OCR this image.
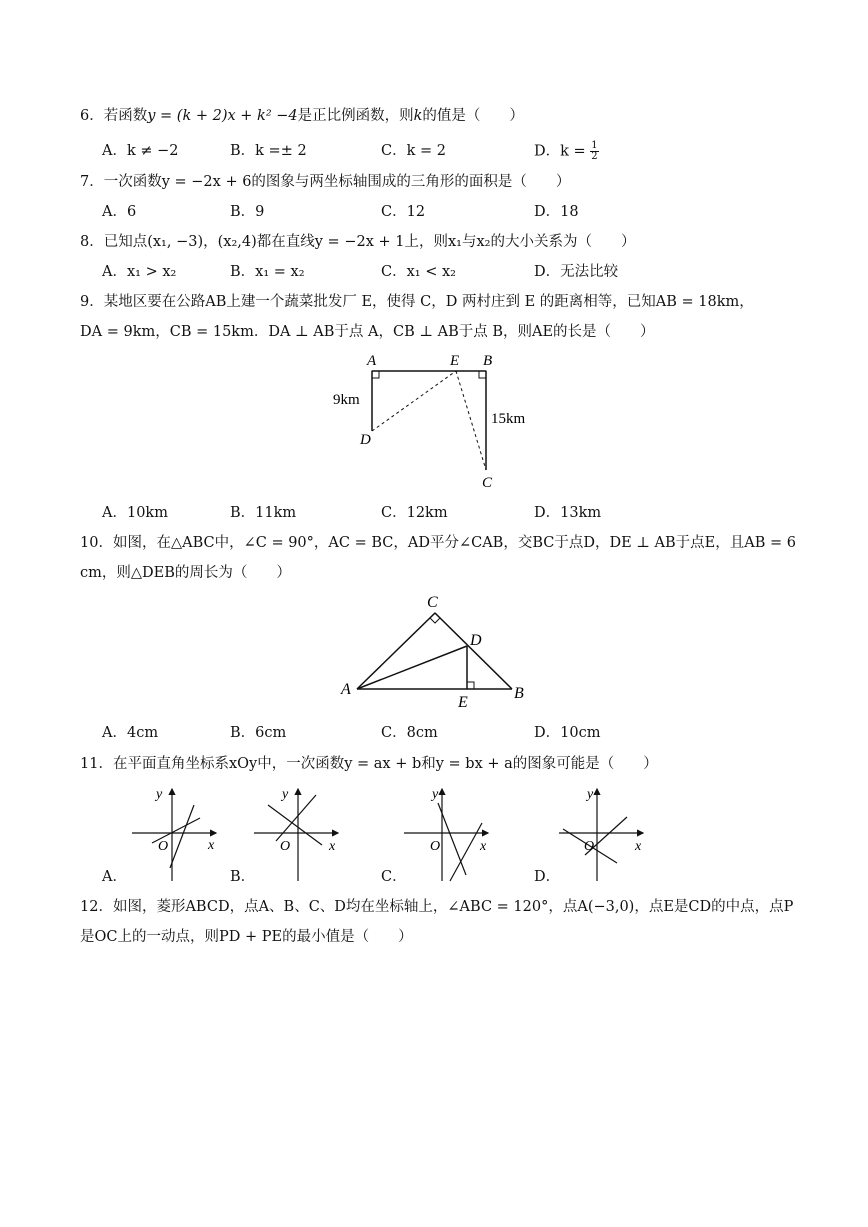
6．若函数y = (k + 2)x + k² −4是正比例函数，则k的值是（　　）
A．k ≠ −2	B．k =± 2	C．k = 2	D．$k = \frac{1}{2}$
7．一次函数y = −2x + 6的图象与两坐标轴围成的三角形的面积是（　　）
A．6	B．9	C．12	D．18
8．已知点(x₁, −3)，(x₂,4)都在直线y = −2x + 1上，则x₁与x₂的大小关系为（　　）
A．x₁ > x₂	B．x₁ = x₂	C．x₁ < x₂	D．无法比较
9．某地区要在公路AB上建一个蔬菜批发厂 E，使得 C，D 两村庄到 E 的距离相等，已知AB = 18km，
DA = 9km，CB = 15km．DA ⊥ AB于点 A，CB ⊥ AB于点 B，则AE的长是（　　）
A	E B
D
C
9km
15km
A．10km	B．11km	C．12km	D．13km
10．如图，在△ABC中，∠C = 90°，AC = BC，AD平分∠CAB，交BC于点D，DE ⊥ AB于点E，且AB = 6
cm，则△DEB的周长为（　　）
C
D
A	B
E
A．4cm	B．6cm	C．8cm	D．10cm
11．在平面直角坐标系xOy中，一次函数y = ax + b和y = bx + a的图象可能是（　　）
y
x
O
y
x
O
y
x
O
y
x
O
A．	B．	C．	D．
12．如图，菱形ABCD，点A、B、C、D均在坐标轴上，∠ABC = 120°，点A(−3,0)，点E是CD的中点，点P
是OC上的一动点，则PD + PE的最小值是（　　）
